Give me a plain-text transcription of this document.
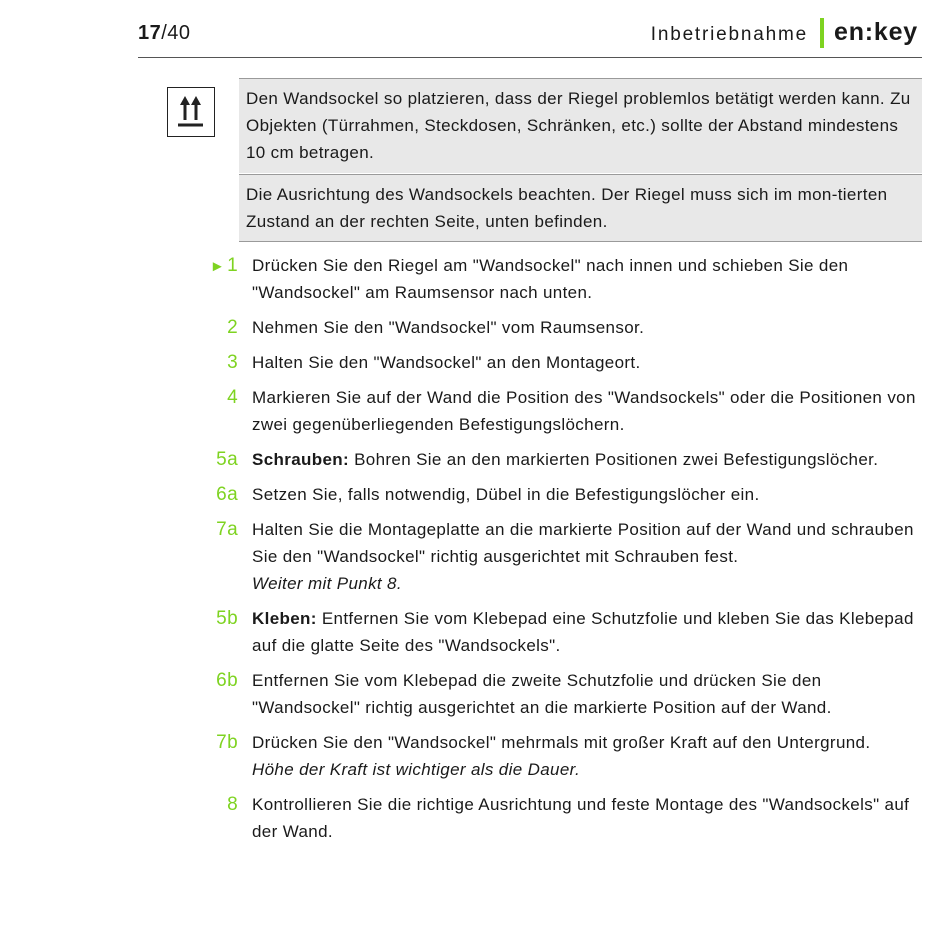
17/40	Inbetriebnahme en:key
Den Wandsockel so platzieren, dass der Riegel problemlos betätigt werden kann. Zu Objekten (Türrahmen, Steckdosen, Schränken, etc.) sollte der Abstand mindestens 10 cm betragen.
Die Ausrichtung des Wandsockels beachten. Der Riegel muss sich im mon-tierten Zustand an der rechten Seite, unten befinden.
► 1 Drücken Sie den Riegel am "Wandsockel" nach innen und schieben Sie den "Wandsockel" am Raumsensor nach unten.
2 Nehmen Sie den "Wandsockel" vom Raumsensor.
3 Halten Sie den "Wandsockel" an den Montageort.
4 Markieren Sie auf der Wand die Position des "Wandsockels" oder die Positionen von zwei gegenüberliegenden Befestigungslöchern.
5a Schrauben: Bohren Sie an den markierten Positionen zwei Befestigungslöcher.
6a Setzen Sie, falls notwendig, Dübel in die Befestigungslöcher ein.
7a Halten Sie die Montageplatte an die markierte Position auf der Wand und schrauben Sie den "Wandsockel" richtig ausgerichtet mit Schrauben fest.
Weiter mit Punkt 8.
5b Kleben: Entfernen Sie vom Klebepad eine Schutzfolie und kleben Sie das Klebepad auf die glatte Seite des "Wandsockels".
6b Entfernen Sie vom Klebepad die zweite Schutzfolie und drücken Sie den "Wandsockel" richtig ausgerichtet an die markierte Position auf der Wand.
7b Drücken Sie den "Wandsockel" mehrmals mit großer Kraft auf den Untergrund.
Höhe der Kraft ist wichtiger als die Dauer.
8 Kontrollieren Sie die richtige Ausrichtung und feste Montage des "Wandsockels" auf der Wand.
